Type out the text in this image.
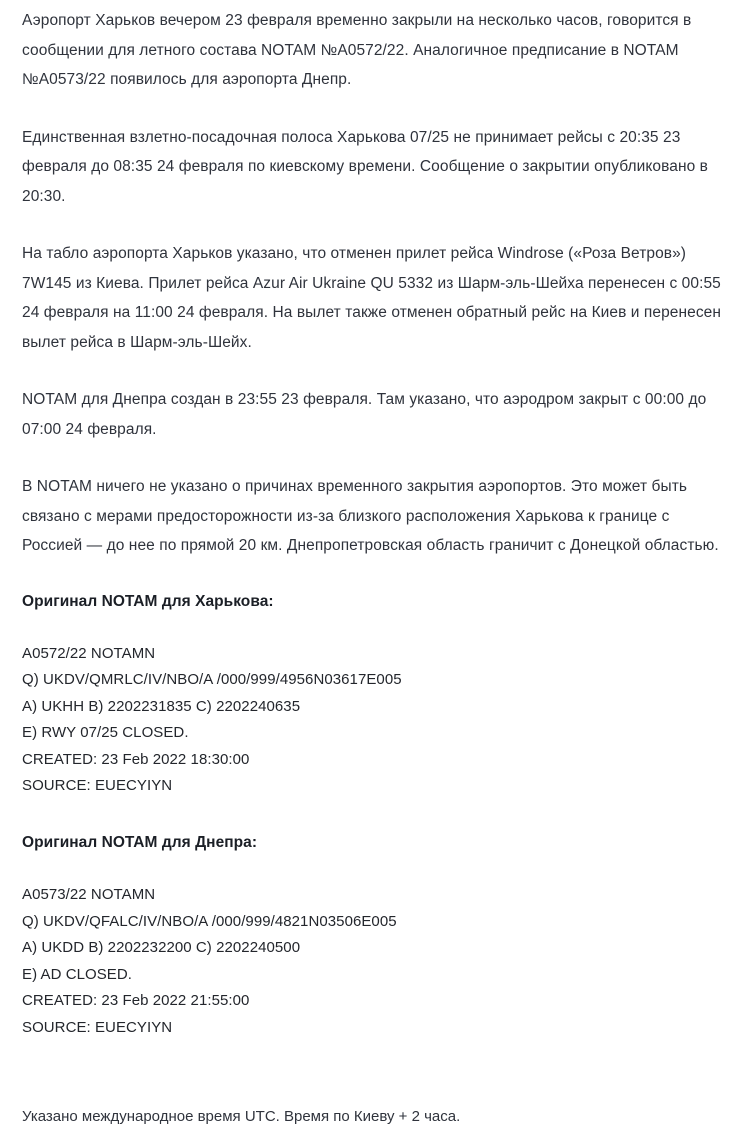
Аэропорт Харьков вечером 23 февраля временно закрыли на несколько часов, говорится в сообщении для летного состава NOTAM №A0572/22. Аналогичное предписание в NOTAM №A0573/22 появилось для аэропорта Днепр.

Единственная взлетно-посадочная полоса Харькова 07/25 не принимает рейсы с 20:35 23 февраля до 08:35 24 февраля по киевскому времени. Сообщение о закрытии опубликовано в 20:30.

На табло аэропорта Харьков указано, что отменен прилет рейса Windrose («Роза Ветров») 7W145 из Киева. Прилет рейса Azur Air Ukraine QU 5332 из Шарм-эль-Шейха перенесен с 00:55 24 февраля на 11:00 24 февраля. На вылет также отменен обратный рейс на Киев и перенесен вылет рейса в Шарм-эль-Шейх.

NOTAM для Днепра создан в 23:55 23 февраля. Там указано, что аэродром закрыт с 00:00 до 07:00 24 февраля.

В NOTAM ничего не указано о причинах временного закрытия аэропортов. Это может быть связано с мерами предосторожности из-за близкого расположения Харькова к границе с Россией — до нее по прямой 20 км. Днепропетровская область граничит с Донецкой областью.

Оригинал NOTAM для Харькова:
A0572/22 NOTAMN
Q) UKDV/QMRLC/IV/NBO/A /000/999/4956N03617E005
A) UKHH B) 2202231835 C) 2202240635
E) RWY 07/25 CLOSED.
CREATED: 23 Feb 2022 18:30:00
SOURCE: EUECYIYN
Оригинал NOTAM для Днепра:
A0573/22 NOTAMN
Q) UKDV/QFALC/IV/NBO/A /000/999/4821N03506E005
A) UKDD B) 2202232200 C) 2202240500
E) AD CLOSED.
CREATED: 23 Feb 2022 21:55:00
SOURCE: EUECYIYN

Указано международное время UTC. Время по Киеву + 2 часа.
